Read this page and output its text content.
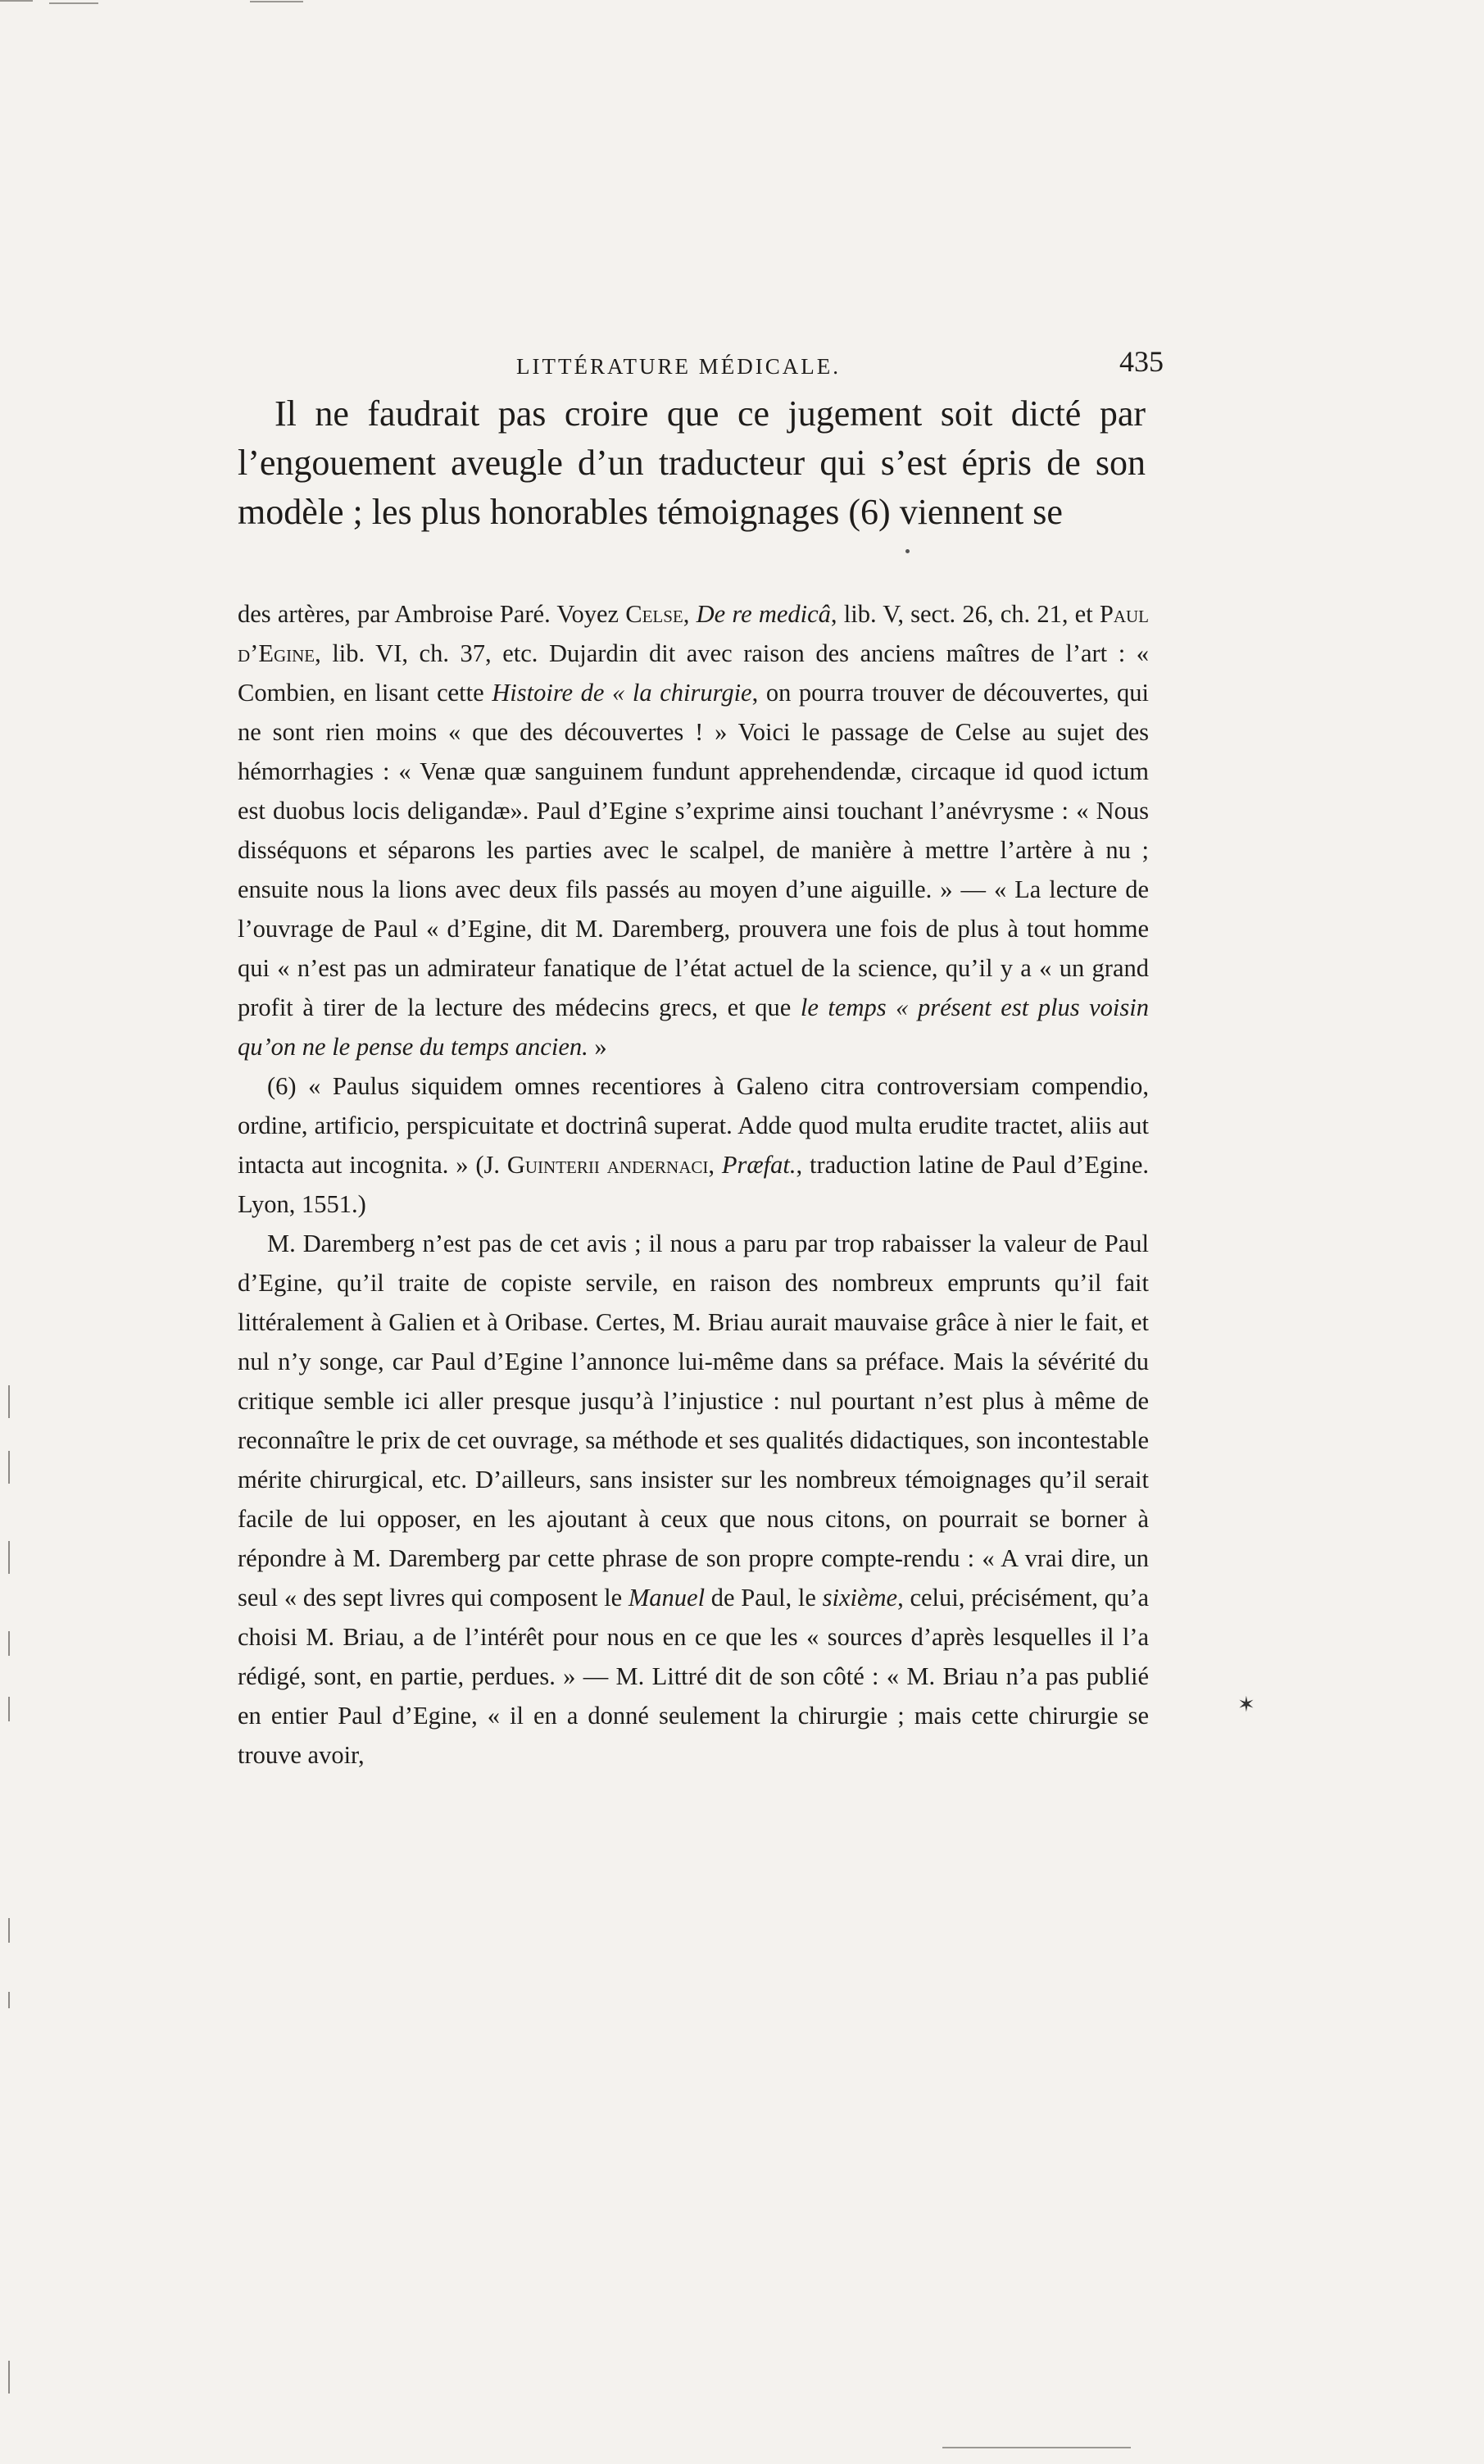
LITTÉRATURE MÉDICALE.	435

Il ne faudrait pas croire que ce jugement soit dicté par l’engouement aveugle d’un traducteur qui s’est épris de son modèle ; les plus honorables témoignages (6) viennent se

des artères, par Ambroise Paré. Voyez Celse, De re medicâ, lib. V, sect. 26, ch. 21, et Paul d’Egine, lib. VI, ch. 37, etc. Dujardin dit avec raison des anciens maîtres de l’art : « Combien, en lisant cette Histoire de « la chirurgie, on pourra trouver de découvertes, qui ne sont rien moins « que des découvertes ! » Voici le passage de Celse au sujet des hémorrhagies : « Venæ quæ sanguinem fundunt apprehendendæ, circaque id quod ictum est duobus locis deligandæ». Paul d’Egine s’exprime ainsi touchant l’anévrysme : « Nous disséquons et séparons les parties avec le scalpel, de manière à mettre l’artère à nu ; ensuite nous la lions avec deux fils passés au moyen d’une aiguille. » — « La lecture de l’ouvrage de Paul « d’Egine, dit M. Daremberg, prouvera une fois de plus à tout homme qui « n’est pas un admirateur fanatique de l’état actuel de la science, qu’il y a « un grand profit à tirer de la lecture des médecins grecs, et que le temps « présent est plus voisin qu’on ne le pense du temps ancien. »

(6) « Paulus siquidem omnes recentiores à Galeno citra controversiam compendio, ordine, artificio, perspicuitate et doctrinâ superat. Adde quod multa erudite tractet, aliis aut intacta aut incognita. » (J. Guinterii andernaci, Præfat., traduction latine de Paul d’Egine. Lyon, 1551.)

M. Daremberg n’est pas de cet avis ; il nous a paru par trop rabaisser la valeur de Paul d’Egine, qu’il traite de copiste servile, en raison des nombreux emprunts qu’il fait littéralement à Galien et à Oribase. Certes, M. Briau aurait mauvaise grâce à nier le fait, et nul n’y songe, car Paul d’Egine l’annonce lui-même dans sa préface. Mais la sévérité du critique semble ici aller presque jusqu’à l’injustice : nul pourtant n’est plus à même de reconnaître le prix de cet ouvrage, sa méthode et ses qualités didactiques, son incontestable mérite chirurgical, etc. D’ailleurs, sans insister sur les nombreux témoignages qu’il serait facile de lui opposer, en les ajoutant à ceux que nous citons, on pourrait se borner à répondre à M. Daremberg par cette phrase de son propre compte-rendu : « A vrai dire, un seul « des sept livres qui composent le Manuel de Paul, le sixième, celui, précisément, qu’a choisi M. Briau, a de l’intérêt pour nous en ce que les « sources d’après lesquelles il l’a rédigé, sont, en partie, perdues. » — M. Littré dit de son côté : « M. Briau n’a pas publié en entier Paul d’Egine, « il en a donné seulement la chirurgie ; mais cette chirurgie se trouve avoir,

✶
